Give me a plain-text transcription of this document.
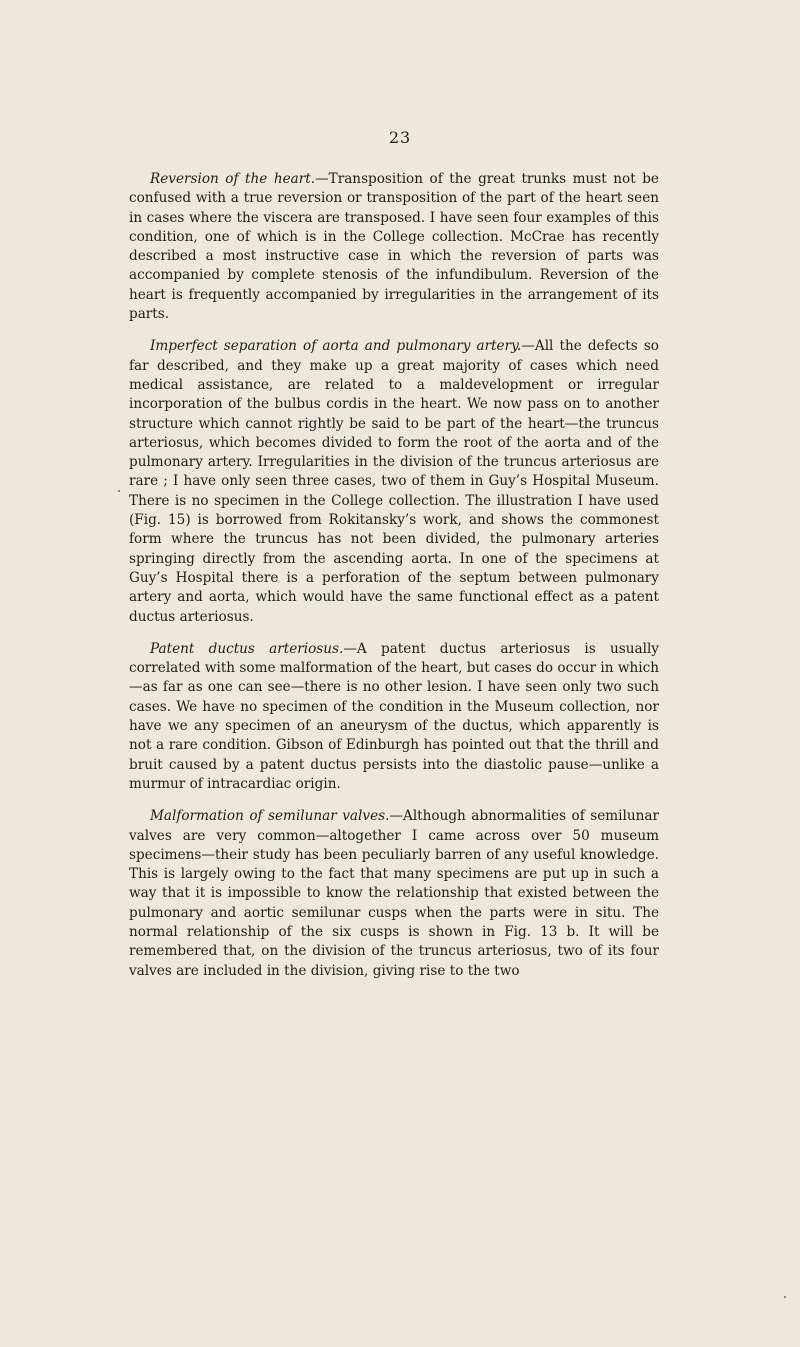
23

Reversion of the heart.—Transposition of the great trunks must not be confused with a true reversion or transposition of the part of the heart seen in cases where the viscera are transposed. I have seen four examples of this condition, one of which is in the College collection. McCrae has recently described a most instructive case in which the reversion of parts was accompanied by complete stenosis of the infundibulum. Reversion of the heart is frequently accompanied by irregularities in the arrangement of its parts.

Imperfect separation of aorta and pulmonary artery.—All the defects so far described, and they make up a great majority of cases which need medical assistance, are related to a maldevelopment or irregular incorporation of the bulbus cordis in the heart. We now pass on to another structure which cannot rightly be said to be part of the heart—the truncus arteriosus, which becomes divided to form the root of the aorta and of the pulmonary artery. Irregularities in the division of the truncus arteriosus are rare ; I have only seen three cases, two of them in Guy’s Hospital Museum. There is no specimen in the College collection. The illustration I have used (Fig. 15) is borrowed from Rokitansky’s work, and shows the commonest form where the truncus has not been divided, the pulmonary arteries springing directly from the ascending aorta. In one of the specimens at Guy’s Hospital there is a perforation of the septum between pulmonary artery and aorta, which would have the same functional effect as a patent ductus arteriosus.

Patent ductus arteriosus.—A patent ductus arteriosus is usually correlated with some malformation of the heart, but cases do occur in which—as far as one can see—there is no other lesion. I have seen only two such cases. We have no specimen of the condition in the Museum collection, nor have we any specimen of an aneurysm of the ductus, which apparently is not a rare condition. Gibson of Edinburgh has pointed out that the thrill and bruit caused by a patent ductus persists into the diastolic pause—unlike a murmur of intracardiac origin.

Malformation of semilunar valves.—Although abnormalities of semilunar valves are very common—altogether I came across over 50 museum specimens—their study has been peculiarly barren of any useful knowledge. This is largely owing to the fact that many specimens are put up in such a way that it is impossible to know the relationship that existed between the pulmonary and aortic semilunar cusps when the parts were in situ. The normal relationship of the six cusps is shown in Fig. 13 b. It will be remembered that, on the division of the truncus arteriosus, two of its four valves are included in the division, giving rise to the two
